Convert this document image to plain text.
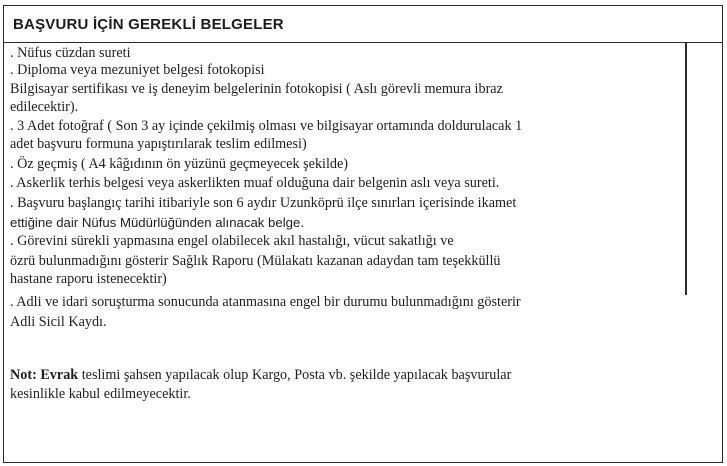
BAŞVURU İÇİN GEREKLİ BELGELER
. Nüfus cüzdan sureti
. Diploma veya mezuniyet belgesi fotokopisi
Bilgisayar sertifikası ve iş deneyim belgelerinin fotokopisi ( Aslı görevli memura ibraz
edilecektir).
. 3 Adet fotoğraf ( Son 3 ay içinde çekilmiş olması ve bilgisayar ortamında doldurulacak 1
adet başvuru formuna yapıştırılarak teslim edilmesi)
. Öz geçmiş ( A4 kâğıdının ön yüzünü geçmeyecek şekilde)
. Askerlik terhis belgesi veya askerlikten muaf olduğuna dair belgenin aslı veya sureti.
. Başvuru başlangıç tarihi itibariyle son 6 aydır Uzunköprü ilçe sınırları içerisinde ikamet
ettiğine dair Nüfus Müdürlüğünden alınacak belge.
. Görevini sürekli yapmasına engel olabilecek akıl hastalığı, vücut sakatlığı ve
özrü bulunmadığını gösterir Sağlık Raporu (Mülakatı kazanan adaydan tam teşekküllü
hastane raporu istenecektir)
. Adli ve idari soruşturma sonucunda atanmasına engel bir durumu bulunmadığını gösterir
Adli Sicil Kaydı.
Not: Evrak teslimi şahsen yapılacak olup Kargo, Posta vb. şekilde yapılacak başvurular
kesinlikle kabul edilmeyecektir.
